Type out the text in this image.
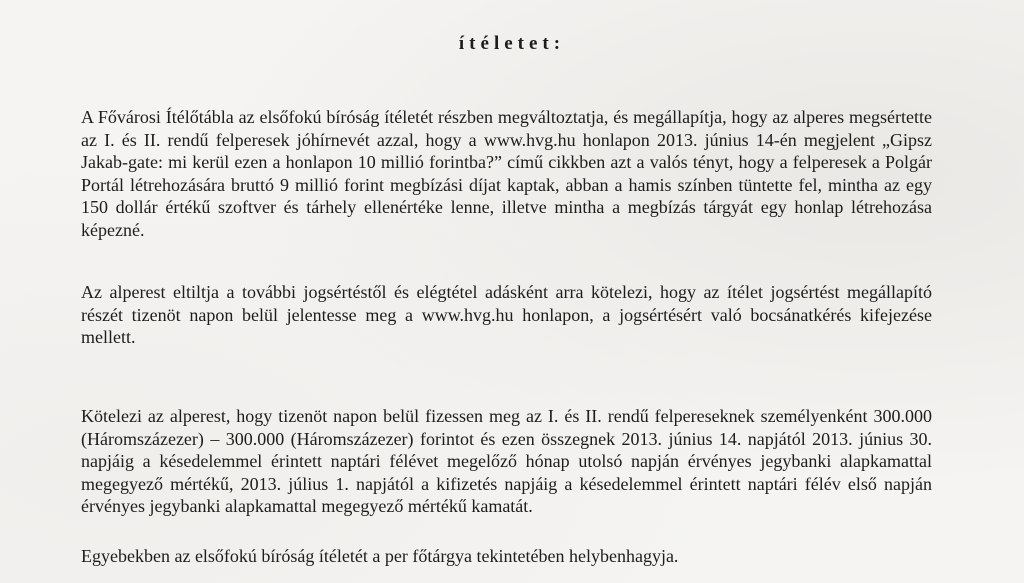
ítéletet:

A Fővárosi Ítélőtábla az elsőfokú bíróság ítéletét részben megváltoztatja, és megállapítja, hogy az alperes megsértette az I. és II. rendű felperesek jóhírnevét azzal, hogy a www.hvg.hu honlapon 2013. június 14-én megjelent „Gipsz Jakab-gate: mi kerül ezen a honlapon 10 millió forintba?” című cikkben azt a valós tényt, hogy a felperesek a Polgár Portál létrehozására bruttó 9 millió forint megbízási díjat kaptak, abban a hamis színben tüntette fel, mintha az egy 150 dollár értékű szoftver és tárhely ellenértéke lenne, illetve mintha a megbízás tárgyát egy honlap létrehozása képezné.

Az alperest eltiltja a további jogsértéstől és elégtétel adásként arra kötelezi, hogy az ítélet jogsértést megállapító részét tizenöt napon belül jelentesse meg a www.hvg.hu honlapon, a jogsértésért való bocsánatkérés kifejezése mellett.

Kötelezi az alperest, hogy tizenöt napon belül fizessen meg az I. és II. rendű felpereseknek személyenként 300.000 (Háromszázezer) – 300.000 (Háromszázezer) forintot és ezen összegnek 2013. június 14. napjától 2013. június 30. napjáig a késedelemmel érintett naptári félévet megelőző hónap utolsó napján érvényes jegybanki alapkamattal megegyező mértékű, 2013. július 1. napjától a kifizetés napjáig a késedelemmel érintett naptári félév első napján érvényes jegybanki alapkamattal megegyező mértékű kamatát.

Egyebekben az elsőfokú bíróság ítéletét a per főtárgya tekintetében helybenhagyja.
